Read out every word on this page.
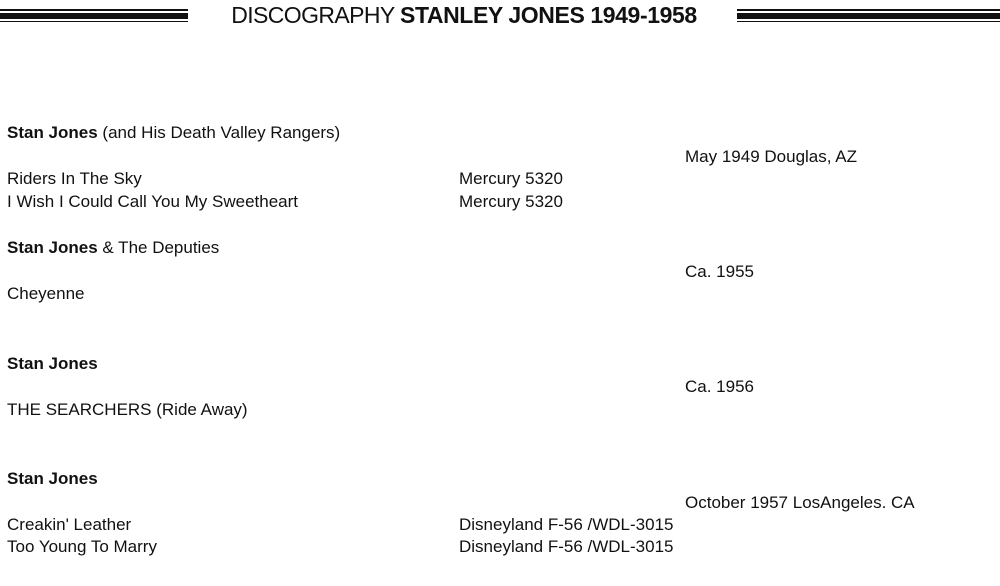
DISCOGRAPHY STANLEY JONES 1949-1958
Stan Jones (and His Death Valley Rangers)
May 1949 Douglas, AZ
Riders In The Sky	Mercury 5320
I Wish I Could Call You My Sweetheart	Mercury 5320
Stan Jones & The Deputies
Ca. 1955
Cheyenne
Stan Jones
Ca. 1956
THE SEARCHERS (Ride Away)
Stan Jones
October 1957 LosAngeles. CA
Creakin' Leather	Disneyland F-56 /WDL-3015
Too Young To Marry	Disneyland F-56 /WDL-3015
